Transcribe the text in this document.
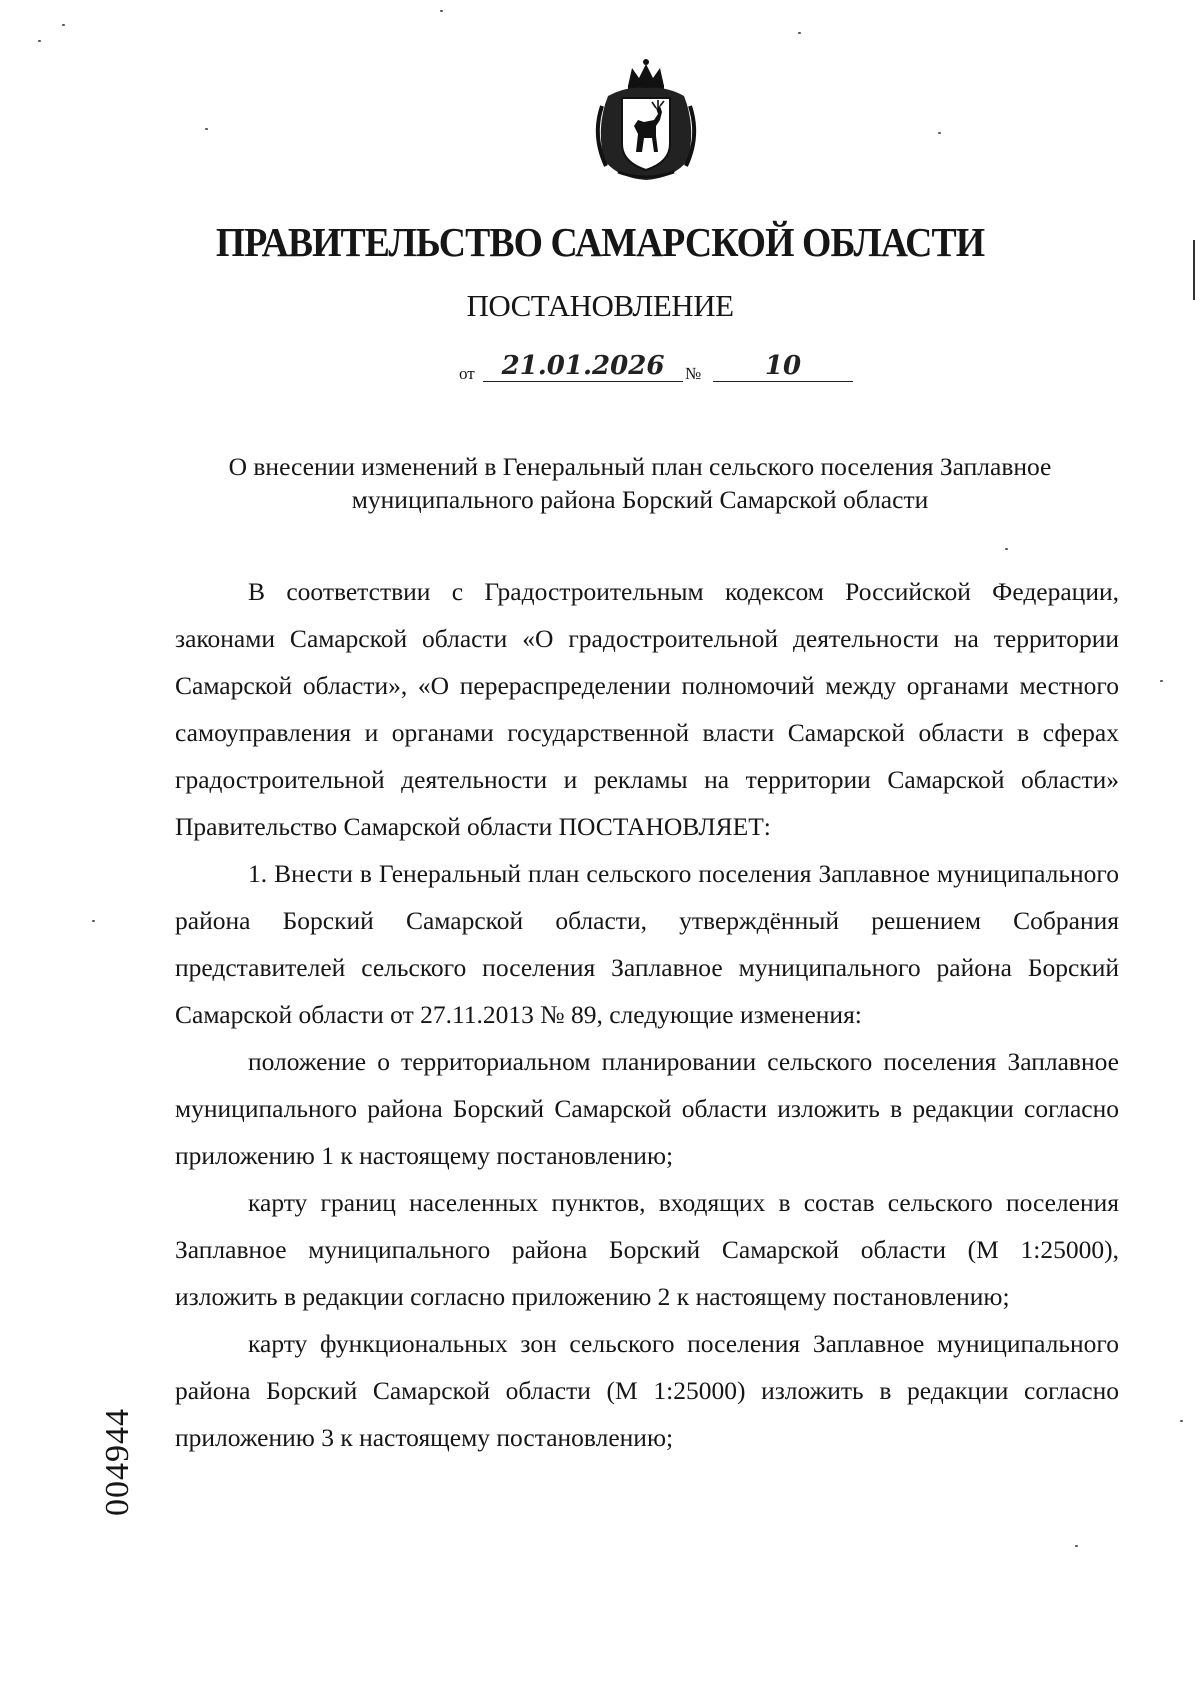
ПРАВИТЕЛЬСТВО САМАРСКОЙ ОБЛАСТИ
ПОСТАНОВЛЕНИЕ
от	21.01.2026	№	10
О внесении изменений в Генеральный план сельского поселения Заплавное муниципального района Борский Самарской области

В соответствии с Градостроительным кодексом Российской Федерации, законами Самарской области «О градостроительной деятельности на территории Самарской области», «О перераспределении полномочий между органами местного самоуправления и органами государственной власти Самарской области в сферах градостроительной деятельности и рекламы на территории Самарской области» Правительство Самарской области ПОСТАНОВЛЯЕТ:

1. Внести в Генеральный план сельского поселения Заплавное муниципального района Борский Самарской области, утверждённый решением Собрания представителей сельского поселения Заплавное муниципального района Борский Самарской области от 27.11.2013 № 89, следующие изменения:

положение о территориальном планировании сельского поселения Заплавное муниципального района Борский Самарской области изложить в редакции согласно приложению 1 к настоящему постановлению;

карту границ населенных пунктов, входящих в состав сельского поселения Заплавное муниципального района Борский Самарской области (М 1:25000), изложить в редакции согласно приложению 2 к настоящему постановлению;

карту функциональных зон сельского поселения Заплавное муниципального района Борский Самарской области (М 1:25000) изложить в редакции согласно приложению 3 к настоящему постановлению;

004944
